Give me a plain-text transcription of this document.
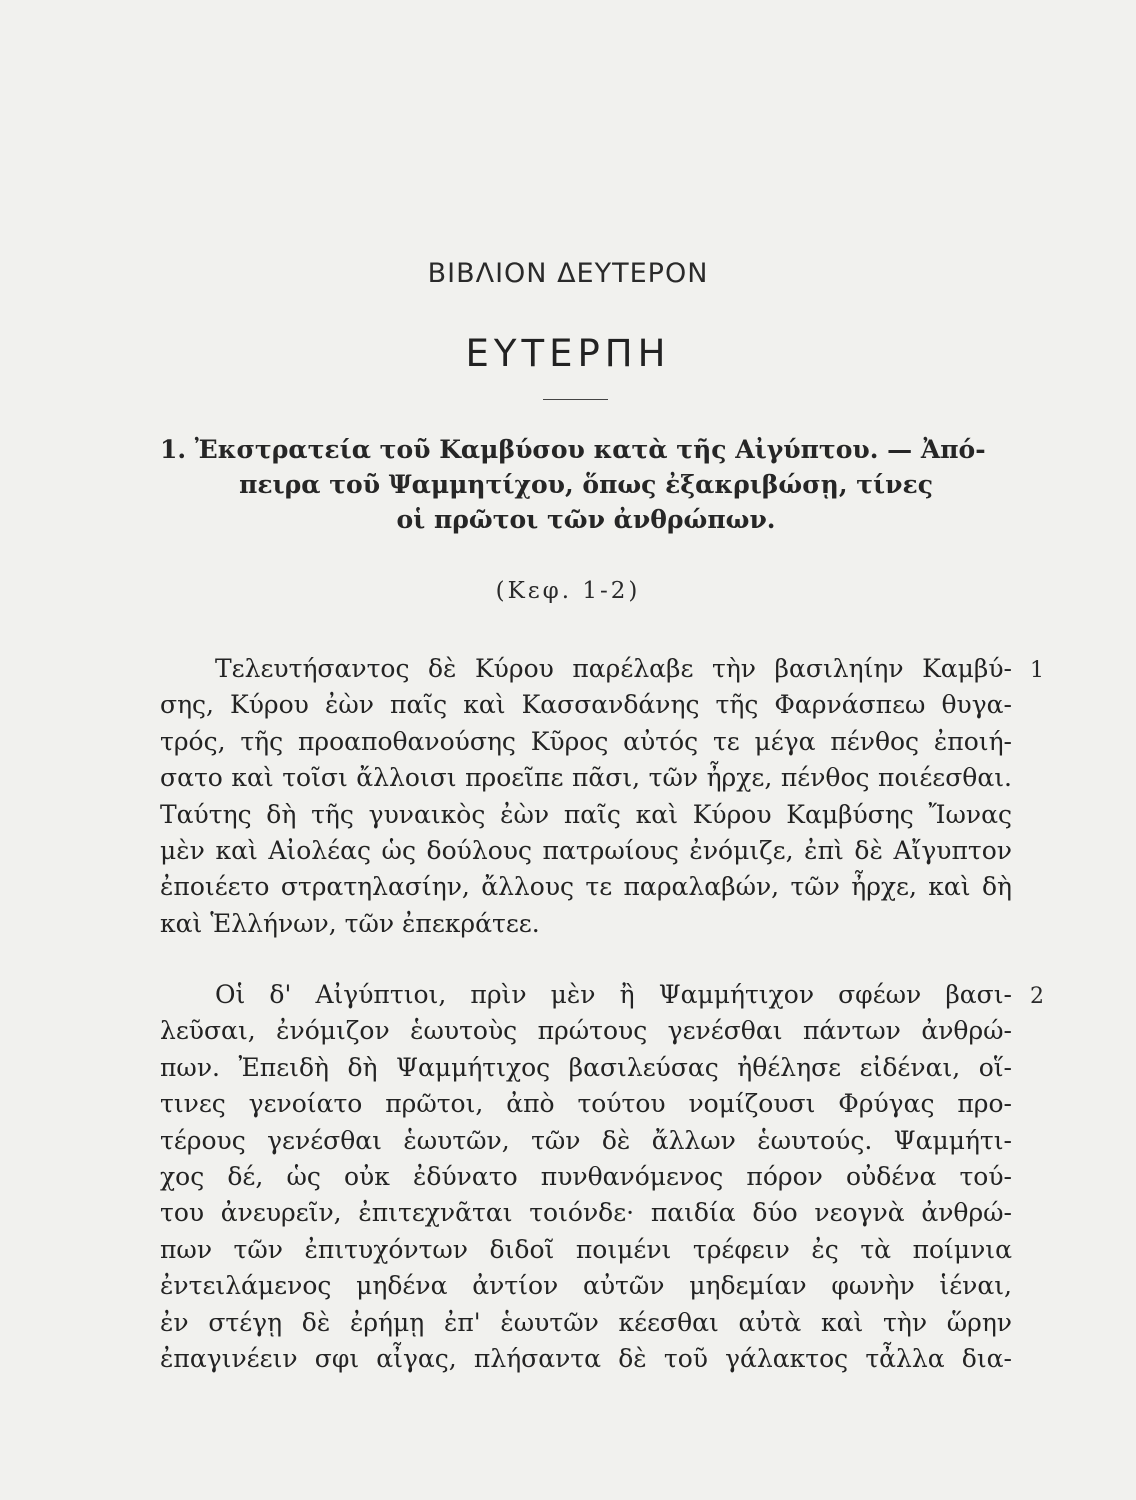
ΒΙΒΛΙΟΝ ΔΕΥΤΕΡΟΝ
ΕΥΤΕΡΠΗ
1. Ἐκστρατεία τοῦ Καμβύσου κατὰ τῆς Αἰγύπτου. — Ἀπό-
πειρα τοῦ Ψαμμητίχου, ὅπως ἐξακριβώσῃ, τίνες
οἱ πρῶτοι τῶν ἀνθρώπων.
(Κεφ. 1-2)
Τελευτήσαντος δὲ Κύρου παρέλαβε τὴν βασιληίην Καμβύ-
σης, Κύρου ἐὼν παῖς καὶ Κασσανδάνης τῆς Φαρνάσπεω θυγα-
τρός, τῆς προαποθανούσης Κῦρος αὐτός τε μέγα πένθος ἐποιή-
σατο καὶ τοῖσι ἄλλοισι προεῖπε πᾶσι, τῶν ἦρχε, πένθος ποιέεσθαι.
Ταύτης δὴ τῆς γυναικὸς ἐὼν παῖς καὶ Κύρου Καμβύσης Ἴωνας
μὲν καὶ Αἰολέας ὡς δούλους πατρωίους ἐνόμιζε, ἐπὶ δὲ Αἴγυπτον
ἐποιέετο στρατηλασίην, ἄλλους τε παραλαβών, τῶν ἦρχε, καὶ δὴ
καὶ Ἑλλήνων, τῶν ἐπεκράτεε.
1
Οἱ δ' Αἰγύπτιοι, πρὶν μὲν ἢ Ψαμμήτιχον σφέων βασι-
λεῦσαι, ἐνόμιζον ἑωυτοὺς πρώτους γενέσθαι πάντων ἀνθρώ-
πων. Ἐπειδὴ δὴ Ψαμμήτιχος βασιλεύσας ἠθέλησε εἰδέναι, οἵ-
τινες γενοίατο πρῶτοι, ἀπὸ τούτου νομίζουσι Φρύγας προ-
τέρους γενέσθαι ἑωυτῶν, τῶν δὲ ἄλλων ἑωυτούς. Ψαμμήτι-
χος δέ, ὡς οὐκ ἐδύνατο πυνθανόμενος πόρον οὐδένα τού-
του ἀνευρεῖν, ἐπιτεχνᾶται τοιόνδε· παιδία δύο νεογνὰ ἀνθρώ-
πων τῶν ἐπιτυχόντων διδοῖ ποιμένι τρέφειν ἐς τὰ ποίμνια
ἐντειλάμενος μηδένα ἀντίον αὐτῶν μηδεμίαν φωνὴν ἱέναι,
ἐν στέγῃ δὲ ἐρήμῃ ἐπ' ἑωυτῶν κέεσθαι αὐτὰ καὶ τὴν ὥρην
ἐπαγινέειν σφι αἶγας, πλήσαντα δὲ τοῦ γάλακτος τἆλλα δια-
2
